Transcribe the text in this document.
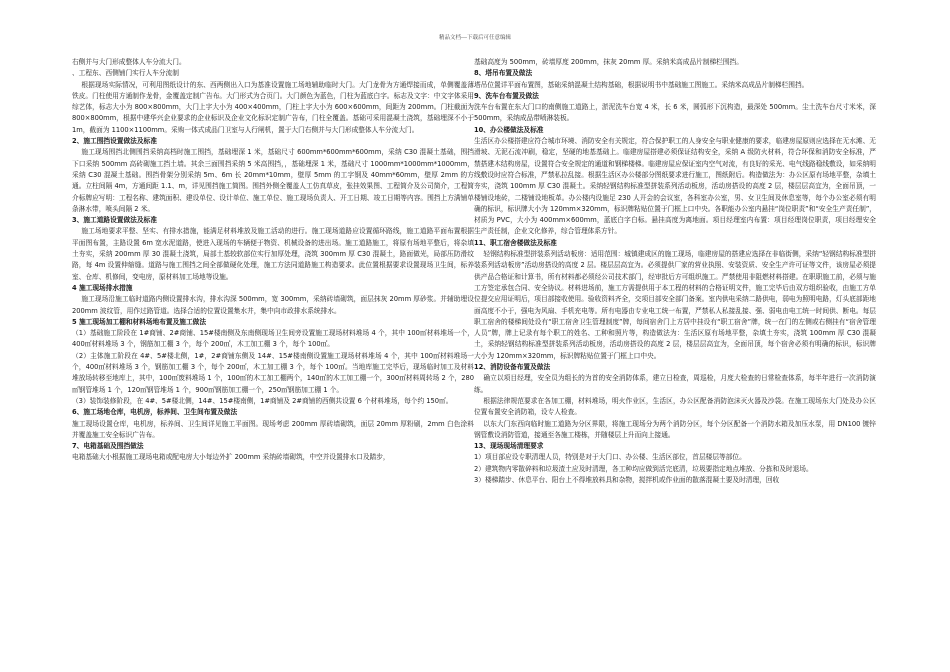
精品文档---下载后可任意编辑

右侧并与大门形成整体人车分流大门。

、工程东、西侧铺门实行人车分流制

根据现场实际情况，可利用图纸设计的东、西两侧出入口为基准设置施工场地辅助临时大门。大门龙骨为方通焊接而成，单侧覆盖薄铁皮。门柱使用方通制作龙骨，金覆盖定制广告布。大门形式为合页门。大门颜色为蓝色，门柱为蓝底白字。标志及文字：中文字体采用综艺体，标志大小为 800×800mm，大门上字大小为 400×400mm，门柱上字大小为 600×600mm，间距为 200mm。门柱截面为 800×800mm，根据中建华兴企业要求的企业标识及企业文化标识定制广告布，门柱全覆盖。基础可采用混凝土浇筑，基础埋深不小于 1m，截面为 1100×1100mm。采购一体式成品门卫室与人行闸机，置于大门右侧并与大门形成整体人车分流大门。

2、施工围挡设置做法及标准

施工现场围挡北侧围挡采纳高档时施工围挡，基础埋深 1 米，基础尺寸 600mm*600mm*600mm，采纳 C30 混凝土基础，围挡下口采纳 500mm 高砖砌施工挡土墙。其余三面围挡采纳 5 米高围挡，，基础埋深 1 米，基础尺寸 1000mm*1000mm*1000mm，采纳 C30 混凝土基础。围挡骨架分别采纳 5m、6m 长 20mm*10mm，壁厚 5mm 的工字钢及 40mm*60mm，壁厚 2mm 的方通。立柱间隔 4m，方通间距 1.1、m，详见围挡施工简图。围挡外侧全覆盖人工仿真草皮，张挂效果图、工程简介及公司简介，工程简介标牌应写明：工程名称、建筑面积、建设单位、设计单位、施工单位、施工现场负责人、开工日期、竣工日期等内容。围挡上方满铺单条淋水带，喷头间隔 2 米。

3、施工道路设置做法及标准

施工场地要求平整、坚实、有排水措施，能满足材料堆放及施工活动的进行。施工现场道路应设置循环路线，施工道路平面布置根据平面图布置，主路设置 6m 宽水泥道路，使进入现场的车辆便于物资、机械设备的进出场。施工道路施工，将原有场地平整后，将杂填土夯实，采纳 200mm 厚 30 混凝土浇筑，局部土基较软部位实行加厚处理，浇筑 300mm 厚 C30 混凝土，路面做光，局部压防滑纹路，每 4m 设置伸缩缝。道路与施工围挡之间全部做硬化处理，施工方法同道路施工构造要求。此位置根据要求设置现场卫生间，标养室、仓库、机修间，变电房，原材料加工场地等设施。

4 施工现场排水措施

施工现场沿施工临时道路内侧设置排水沟，排水沟深 500mm，宽 300mm，采纳砖墙砌筑，面层抹灰 20mm 厚砂浆。并辅助埋设 200mm 波纹管，用作过路管道。选择合适的位置设置集水井，集中向市政排水系统排水。

5 施工现场加工棚和材料场地布置及施工做法

（1）基础施工阶段在 1#商铺、2#商铺、15#楼南侧及东南侧现场卫生间旁设置施工现场材料堆场 4 个，其中 100㎡材料堆场一个，400㎡材料堆场 3 个，钢筋加工棚 3 个，每个 200㎡，木工加工棚 3 个，每个 100㎡。

（2）主体施工阶段在 4#、5#楼北侧，1#，2#商铺东侧及 14#、15#楼南侧设置施工现场材料堆场 4 个，其中 100㎡材料堆场一个，400㎡材料堆场 3 个，钢筋加工棚 3 个，每个 200㎡，木工加工棚 3 个，每个 100㎡。当地库施工完毕后，现场临时加工及材料堆放场转移至地库上，其中，100㎡废料堆场 1 个，100㎡的木工加工棚两个，140㎡的木工加工棚一个，300㎡材料周转场 2 个，280㎡钢管堆场 1 个，120㎡钢管堆场 1 个，900㎡钢筋加工棚一个，250㎡钢筋加工棚 1 个。

（3）装饰装修阶段，在 4#、5#楼北侧，14#、15#楼南侧，1#商铺及 2#商铺的西侧共设置 6 个材料堆场，每个约 150㎡。

6、施工场地仓库，电机房，标养间、卫生间布置及做法

施工现场设置仓库，电机房，标养间、卫生间详见施工平面图。现场考虑 200mm 厚砖墙砌筑，面层 20mm 厚粉刷，2mm 白色涂料并覆盖施工安全标识广告布。

7、电箱基础及围挡做法

电箱基础大小根据施工现场电箱或配电房大小每边外扩 200mm 采纳砖墙砌筑，中空并设置排水口及踏步，

基础高度为 500mm，砖墙厚度 200mm，抹灰 20mm 厚。采纳米高成品片制梯栏围挡。

8、塔吊布置及做法

塔吊位置详平面布置图，基础采纳混凝土结构基础，根据说明书中基础施工图施工。采纳米高成品片制梯栏围挡。

9、洗车台布置及做法

洗车台布置在东大门口的南侧施工道路上，淤泥洗车台宽 4 米，长 6 米，圆弧形下沉构造，最深处 500mm。尘土洗车台尺寸米米，深 500mm，采纳成品带喷淋装板。

10、办公楼做法及标准

生活区办公楼搭建应符合城市环境、消防安全有关规定，符合保护职工的人身安全与职业健康的要求，临建房屋原则应选择在无水滩、无滑坡、无泥石流冲刷，稳定，坚硬的地基基础上。临建房屋搭建必须保证结构安全，采纳 A 级防火材料，符合环保和消防安全标准，严禁搭建木结构房屋，设置符合安全规定的通道和钢梯楼梯。临建房屋应保证室内空气对流，有良好的采光、电气线路稳线敷设，如采纳明线敷设时应符合标准，严禁私拉乱接。根据生活区办公楼部分图纸要求进行施工，图纸附后。构造做法为：办公区原有场地平整，杂填土夯实，浇筑 100mm 厚 C30 混凝土。采纳轻钢结构标准型拼装系列活动板房，活动房搭设的高度 2 层，楼层层高宜为，全面吊顶，一楼铺设地砖，二楼铺设地板革。办公楼内设施足 230 人开会的会议室，各科室办公室，男、女卫生间及休息室等，每个办公室必须有明确的标识，标识牌大小为 120mm×320mm，标识牌粘贴位置于门框上口中央。各职能办公室内悬挂“岗位职责”和“安全生产责任制”，材质为 PVC，大小为 400mm×600mm，蓝底白字白标。悬挂高度为离地面。项目经理室内布置：项目经理岗位职责，项目经理安全生产责任制，企业文化修养，综合管理体系方针。

11、职工宿舍楼做法及标准

轻钢结构标准型拼装系列活动板房：适用范围：城镇建成区的施工现场，临建房屋的搭建应选择在非临街侧，采纳“轻钢结构标准型拼装系列活动板房”活动房搭设的高度 2 层。楼层层高宜为。必须提供厂家的营业执照、安装资质、安全生产许可证等文件，该房屋必须提供产品合格证和计算书，所有材料都必须经公司技术部门，经审批后方可组织施工。严禁使用非阻燃材料搭建。在职职施工前，必须与施工方签定承包合同、安全协议。材料进场前，施工方需提供用于本工程的材料的合格证明文件，施工完毕后由双方组织验收，由施工方单位提交应用证明后，项目部接收使用。验收资料齐全，交项目部安全部门备案。室内供电采纳二路供电，弱电为照明电路，灯头底部距地面高度不小于，强电为风扇、手机充电等。所有电器由专业电工统一布置，严禁私人私接乱接、强、弱电由电工统一时间供、断电。每层职工宿舍的楼梯间处设有“职工宿舍卫生管理制度”牌，每间宿舍门上方居中挂设有“职工宿舍”牌，统一在门的左侧或右侧挂有“宿舍管理人员”牌，牌上记录有每个职工的姓名、工种和照片等，构造做法为：生活区原有场地平整，杂填土夯实，浇筑 100mm 厚 C30 混凝土，采纳轻钢结构标准型拼装系列活动板房，活动房搭设的高度 2 层，楼层层高宜为，全面吊顶，每个宿舍必须有明确的标识，标识牌大小为 120mm×320mm，标识牌粘贴位置于门框上口中央。

12、消防设备布置及做法

确立以项目经理，安全员为组长的为首的安全消防体系，建立日检查，周巡检，月度大检查的日常检查体系，每半年进行一次消防演练。

根据法律规范要求在各加工棚，材料堆场，明火作业区，生活区，办公区配备消防泡沫灭火器及沙袋。在施工现场东大门处及办公区位置布置安全消防箱，设专人检查。

以东大门东西向临时施工道路为分区界限，将施工现场分为两个消防分区，每个分区配备一个消防水箱及加压水泵，用 DN100 镀锌钢管敷设消防管道，接通至各施工楼栋，并随楼层上升而向上接通。

13、现场现场清理要求

1）项目部应设专职清理人员，特别是对于大门口、办公楼、生活区部位，首层楼层等部位。

2）建筑物内零散碎料和垃圾渣土应及时清理，各工种均应做到活完底清，垃圾要指定地点堆放、分拣和及时退场。

3）楼梯踏步、休息平台、阳台上不得堆放料具和杂物，搅拌机或作业面的散落混凝土要及时清理，回收
